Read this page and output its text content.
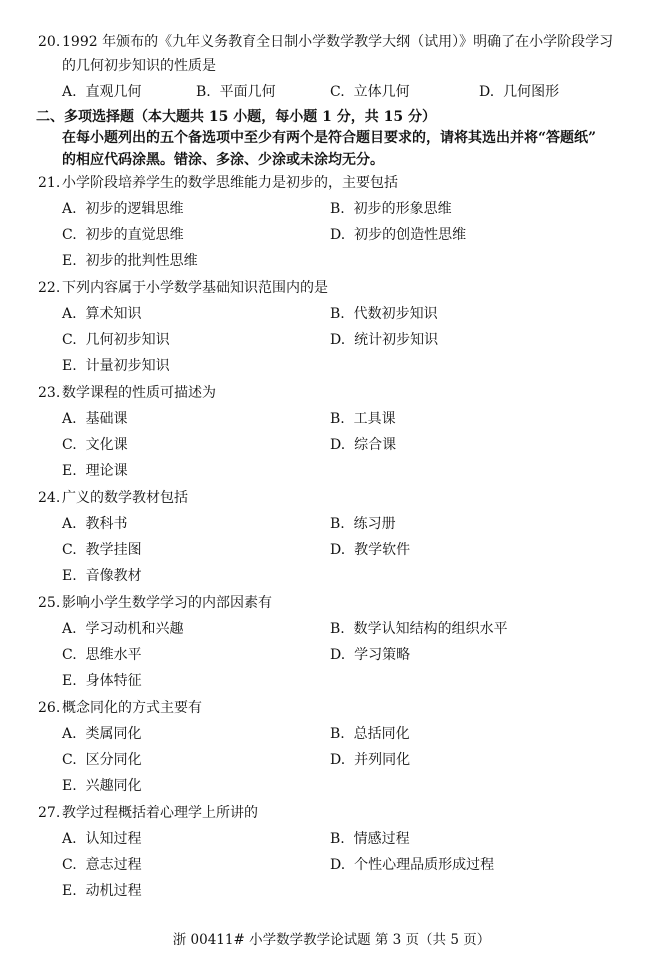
20. 1992 年颁布的《九年义务教育全日制小学数学教学大纲（试用）》明确了在小学阶段学习
的几何初步知识的性质是
A. 直观几何	B. 平面几何	C. 立体几何	D. 几何图形
二、多项选择题（本大题共 15 小题，每小题 1 分，共 15 分）
在每小题列出的五个备选项中至少有两个是符合题目要求的，请将其选出并将“答题纸”
的相应代码涂黑。错涂、多涂、少涂或未涂均无分。
21. 小学阶段培养学生的数学思维能力是初步的，主要包括
A. 初步的逻辑思维	B. 初步的形象思维
C. 初步的直觉思维	D. 初步的创造性思维
E. 初步的批判性思维
22. 下列内容属于小学数学基础知识范围内的是
A. 算术知识	B. 代数初步知识
C. 几何初步知识	D. 统计初步知识
E. 计量初步知识
23. 数学课程的性质可描述为
A. 基础课	B. 工具课
C. 文化课	D. 综合课
E. 理论课
24. 广义的数学教材包括
A. 教科书	B. 练习册
C. 教学挂图	D. 教学软件
E. 音像教材
25. 影响小学生数学学习的内部因素有
A. 学习动机和兴趣	B. 数学认知结构的组织水平
C. 思维水平	D. 学习策略
E. 身体特征
26. 概念同化的方式主要有
A. 类属同化	B. 总括同化
C. 区分同化	D. 并列同化
E. 兴趣同化
27. 教学过程概括着心理学上所讲的
A. 认知过程	B. 情感过程
C. 意志过程	D. 个性心理品质形成过程
E. 动机过程
浙 00411# 小学数学教学论试题 第 3 页（共 5 页）
